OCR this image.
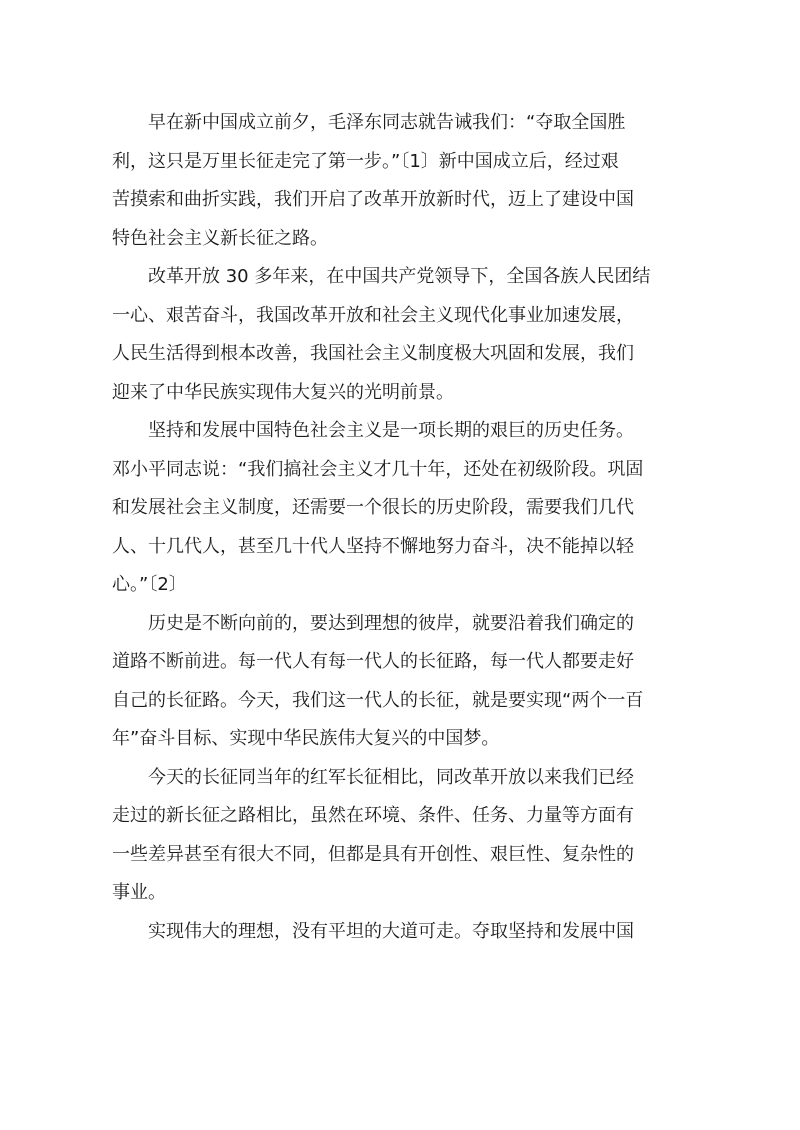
早在新中国成立前夕，毛泽东同志就告诫我们：“夺取全国胜
利，这只是万里长征走完了第一步。”〔1〕新中国成立后，经过艰
苦摸索和曲折实践，我们开启了改革开放新时代，迈上了建设中国
特色社会主义新长征之路。

改革开放 30 多年来，在中国共产党领导下，全国各族人民团结
一心、艰苦奋斗，我国改革开放和社会主义现代化事业加速发展，
人民生活得到根本改善，我国社会主义制度极大巩固和发展，我们
迎来了中华民族实现伟大复兴的光明前景。

坚持和发展中国特色社会主义是一项长期的艰巨的历史任务。
邓小平同志说：“我们搞社会主义才几十年，还处在初级阶段。巩固
和发展社会主义制度，还需要一个很长的历史阶段，需要我们几代
人、十几代人，甚至几十代人坚持不懈地努力奋斗，决不能掉以轻
心。”〔2〕

历史是不断向前的，要达到理想的彼岸，就要沿着我们确定的
道路不断前进。每一代人有每一代人的长征路，每一代人都要走好
自己的长征路。今天，我们这一代人的长征，就是要实现“两个一百
年”奋斗目标、实现中华民族伟大复兴的中国梦。

今天的长征同当年的红军长征相比，同改革开放以来我们已经
走过的新长征之路相比，虽然在环境、条件、任务、力量等方面有
一些差异甚至有很大不同，但都是具有开创性、艰巨性、复杂性的
事业。

实现伟大的理想，没有平坦的大道可走。夺取坚持和发展中国
